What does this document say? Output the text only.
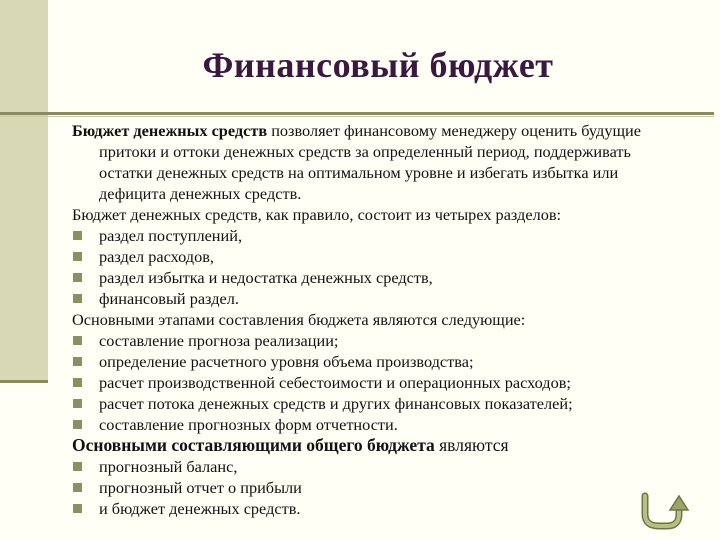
Финансовый бюджет

Бюджет денежных средств позволяет финансовому менеджеру оценить будущие притоки и оттоки денежных средств за определенный период, поддерживать остатки денежных средств на оптимальном уровне и избегать избытка или дефицита денежных средств.

Бюджет денежных средств, как правило, состоит из четырех разделов:

раздел поступлений,
раздел расходов,
раздел избытка и недостатка денежных средств,
финансовый раздел.

Основными этапами составления бюджета являются следующие:

составление прогноза реализации;
определение расчетного уровня объема производства;
расчет производственной себестоимости и операционных расходов;
расчет потока денежных средств и других финансовых показателей;
составление прогнозных форм отчетности.

Основными составляющими общего бюджета являются

прогнозный баланс,
прогнозный отчет о прибыли
и бюджет денежных средств.
